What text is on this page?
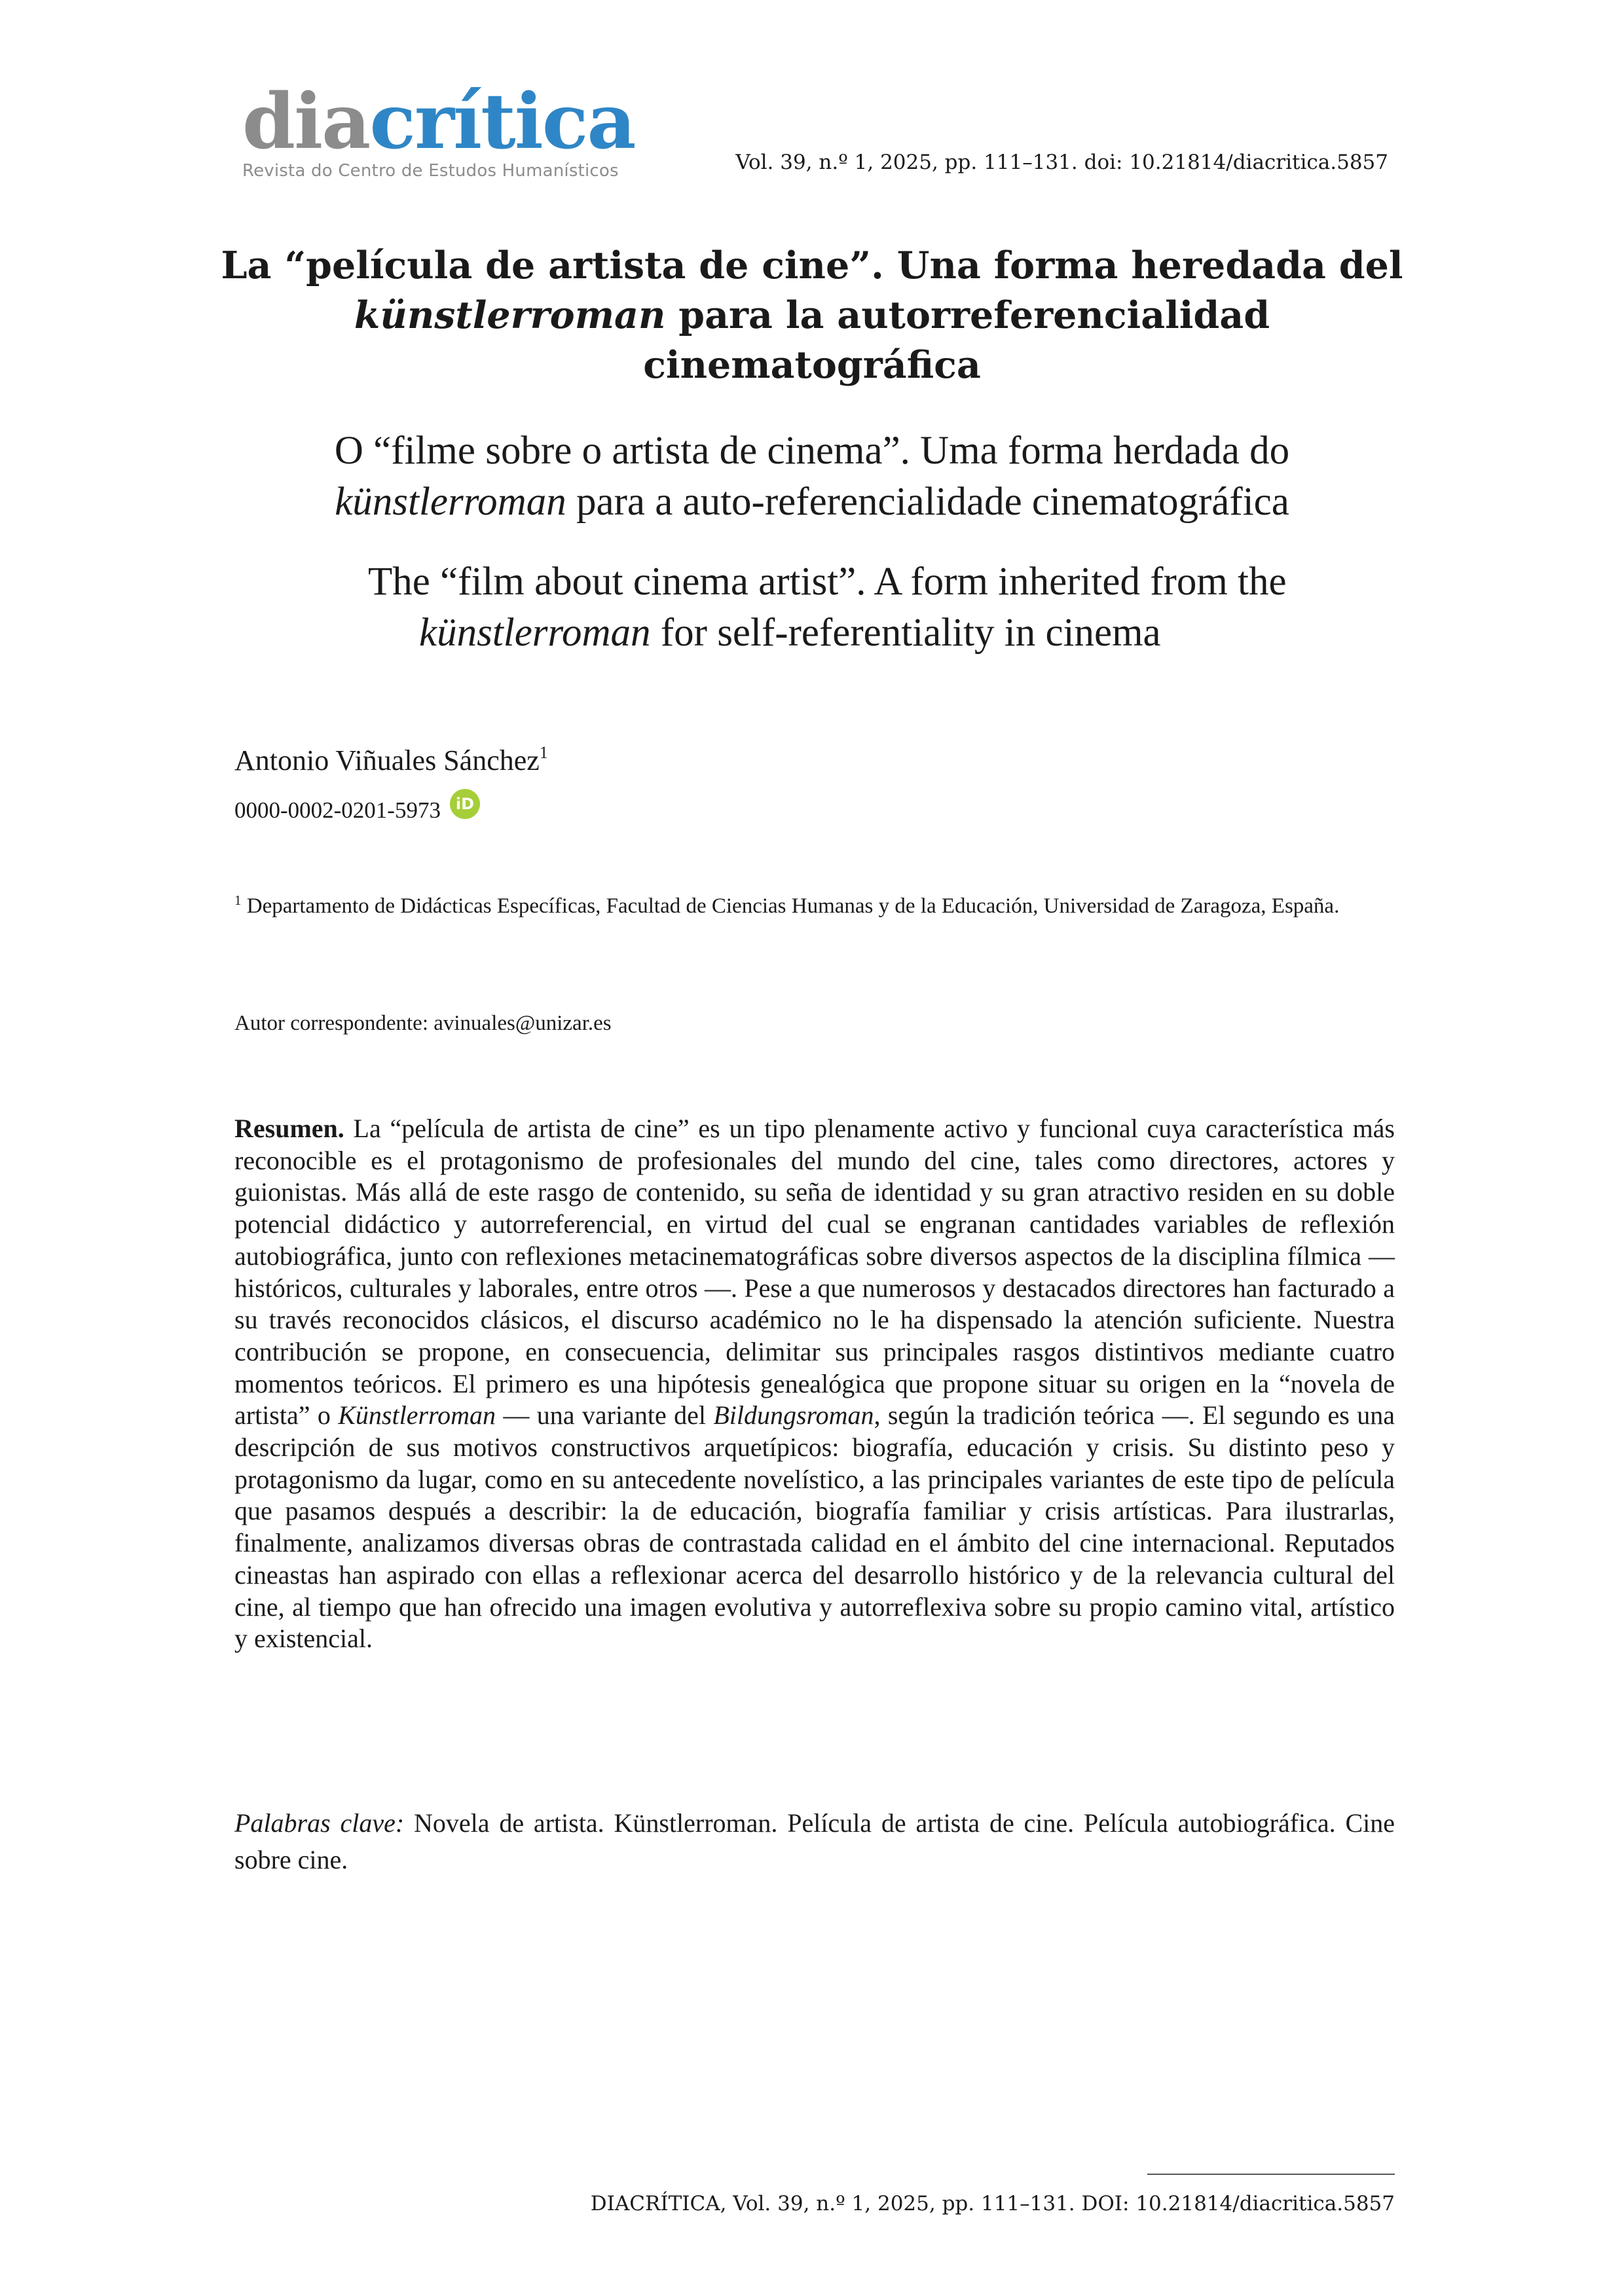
diacrítica
Revista do Centro de Estudos Humanísticos	Vol. 39, n.º 1, 2025, pp. 111–131. doi: 10.21814/diacritica.5857
La “película de artista de cine”. Una forma heredada del
künstlerroman para la autorreferencialidad
cinematográfica
O “filme sobre o artista de cinema”. Uma forma herdada do
künstlerroman para a auto-referencialidade cinematográfica
The “film about cinema artist”. A form inherited from the
künstlerroman for self-referentiality in cinema
Antonio Viñuales Sánchez$^1$
0000-0002-0201-5973 iD
$^1$ Departamento de Didácticas Específicas, Facultad de Ciencias Humanas y de la Educación, Universidad de Zaragoza, España.
Autor correspondente: avinuales@unizar.es
Resumen. La “película de artista de cine” es un tipo plenamente activo y funcional cuya característica más reconocible es el protagonismo de profesionales del mundo del cine, tales como directores, actores y guionistas. Más allá de este rasgo de contenido, su seña de identidad y su gran atractivo residen en su doble potencial didáctico y autorreferencial, en virtud del cual se engranan cantidades variables de reflexión autobiográfica, junto con reflexiones metacinematográficas sobre diversos aspectos de la disciplina fílmica — históricos, culturales y laborales, entre otros —. Pese a que numerosos y destacados directores han facturado a su través reconocidos clásicos, el discurso académico no le ha dispensado la atención suficiente. Nuestra contribución se propone, en consecuencia, delimitar sus principales rasgos distintivos mediante cuatro momentos teóricos. El primero es una hipótesis genealógica que propone situar su origen en la “novela de artista” o Künstlerroman — una variante del Bildungsroman, según la tradición teórica —. El segundo es una descripción de sus motivos constructivos arquetípicos: biografía, educación y crisis. Su distinto peso y protagonismo da lugar, como en su antecedente novelístico, a las principales variantes de este tipo de película que pasamos después a describir: la de educación, biografía familiar y crisis artísticas. Para ilustrarlas, finalmente, analizamos diversas obras de contrastada calidad en el ámbito del cine internacional. Reputados cineastas han aspirado con ellas a reflexionar acerca del desarrollo histórico y de la relevancia cultural del cine, al tiempo que han ofrecido una imagen evolutiva y autorreflexiva sobre su propio camino vital, artístico y existencial.
Palabras clave: Novela de artista. Künstlerroman. Película de artista de cine. Película autobiográfica. Cine sobre cine.
DIACRÍTICA, Vol. 39, n.º 1, 2025, pp. 111–131. DOI: 10.21814/diacritica.5857
